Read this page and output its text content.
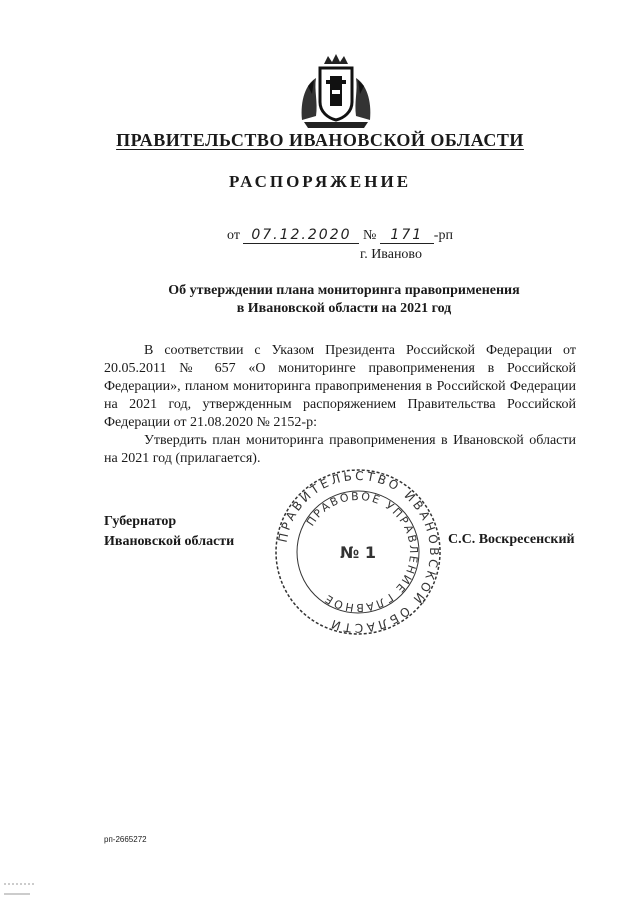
ПРАВИТЕЛЬСТВО ИВАНОВСКОЙ ОБЛАСТИ
РАСПОРЯЖЕНИЕ
от 07.12.2020 № 171 -рп
г. Иваново
Об утверждении плана мониторинга правоприменения
в Ивановской области на 2021 год

В соответствии с Указом Президента Российской Федерации от 20.05.2011 № 657 «О мониторинге правоприменения в Российской Федерации», планом мониторинга правоприменения в Российской Федерации на 2021 год, утвержденным распоряжением Правительства Российской Федерации от 21.08.2020 № 2152-р:

Утвердить план мониторинга правоприменения в Ивановской области на 2021 год (прилагается).

Губернатор
Ивановской области	ПРАВИТЕЛЬСТВО ИВАНОВСКОЙ ОБЛАСТИ
ПРАВОВОЕ УПРАВЛЕНИЕ ГЛАВНОЕ
№ 1
С.С. Воскресенский
рп-2665272
